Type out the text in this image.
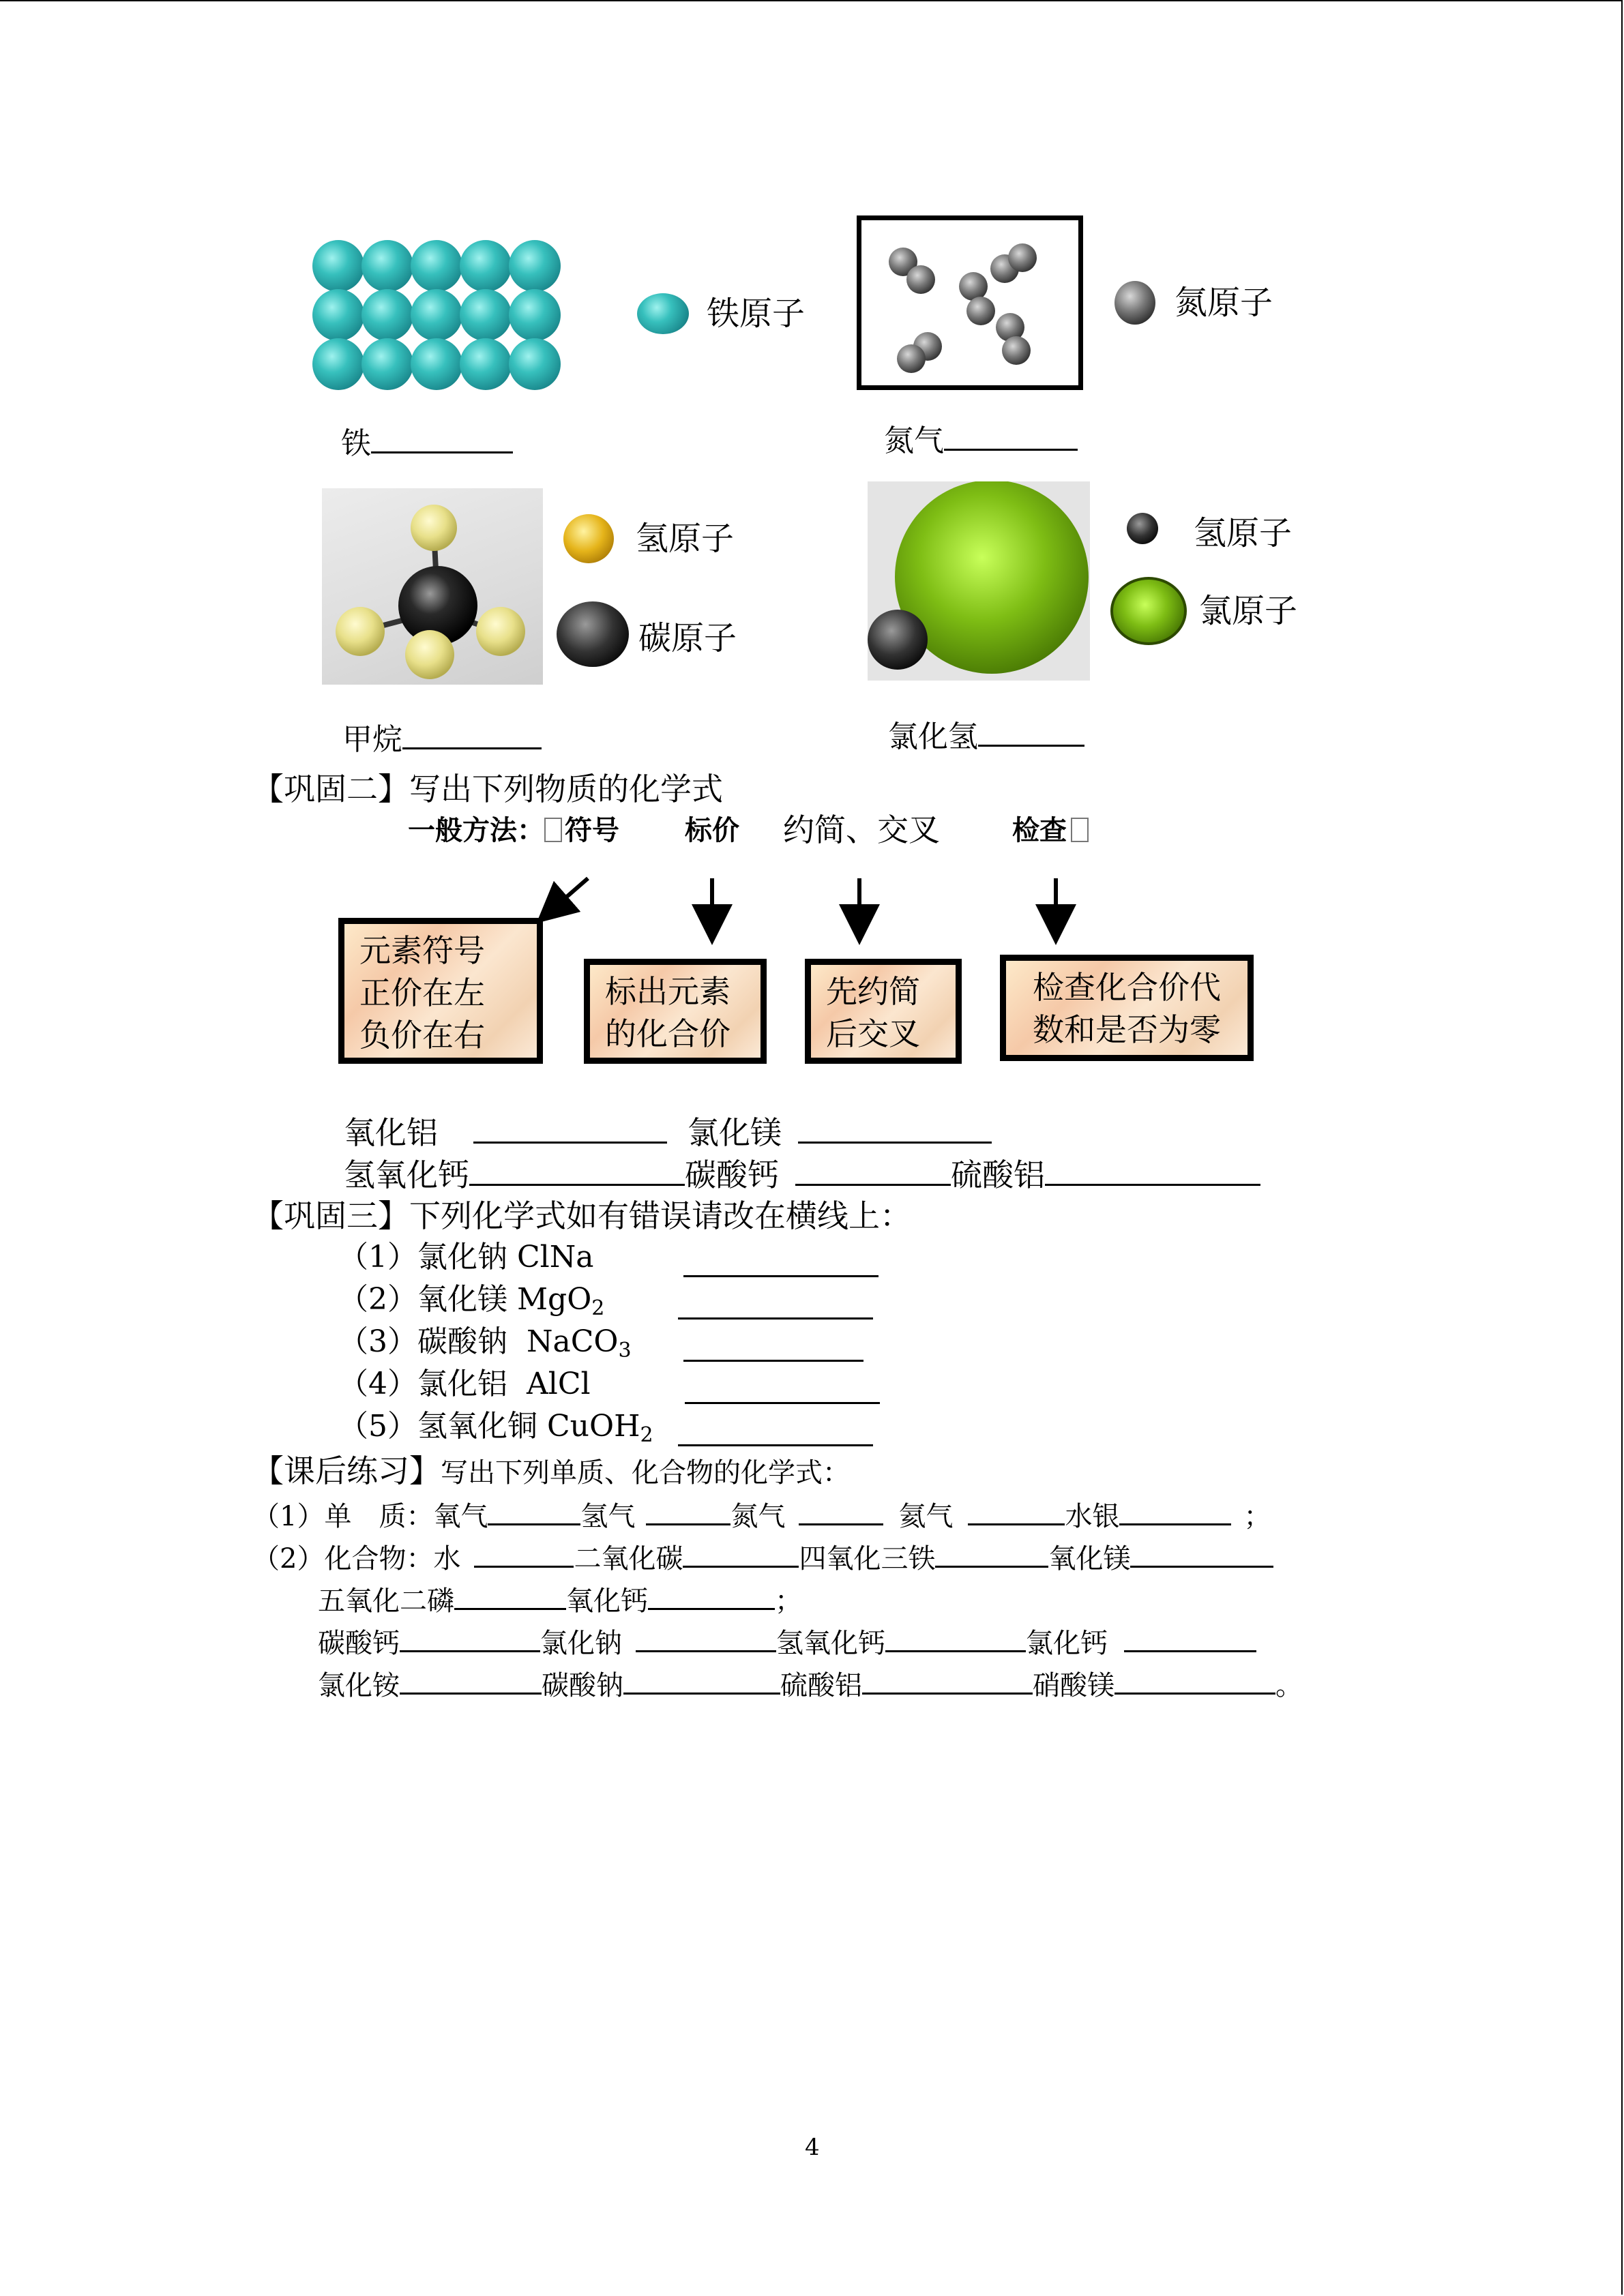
铁原子
铁
氮原子
氮气
氢原子
碳原子
甲烷
氢原子
氯原子
氯化氢
【巩固二】写出下列物质的化学式
一般方法： 符号 标价 约简、交叉	检查
元素符号
正价在左
负价在右
标出元素
的化合价
先约简
后交叉
检查化合价代
数和是否为零
氧化铝	氯化镁
氢氧化钙	碳酸钙	硫酸铝
【巩固三】下列化学式如有错误请改在横线上：
（1）氯化钠 ClNa
（2）氧化镁 MgO$_2$
（3）碳酸钠 NaCO$_3$
（4）氯化铝 AlCl
（5）氢氧化铜 CuOH$_2$
【课后练习】写出下列单质、化合物的化学式：
（1）单　质：氧气	氢气	氮气	氦气	水银	；
（2）化合物：水	二氧化碳	四氧化三铁	氧化镁
五氧化二磷	氧化钙	；
碳酸钙	氯化钠	氢氧化钙	氯化钙
氯化铵	碳酸钠	硫酸铝	硝酸镁	。
4
